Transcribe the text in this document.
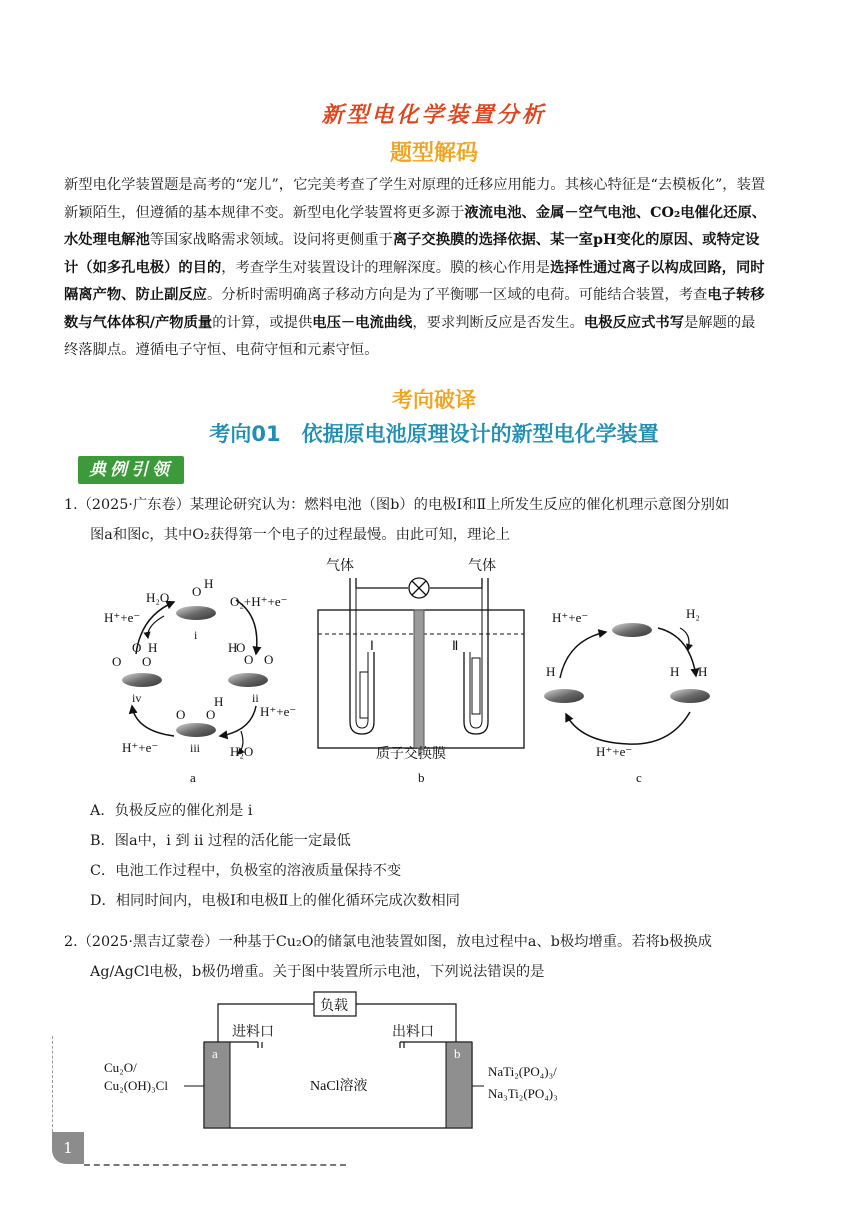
新型电化学装置分析
题型解码
新型电化学装置题是高考的“宠儿”，它完美考查了学生对原理的迁移应用能力。其核心特征是“去模板化”，装置
新颖陌生，但遵循的基本规律不变。新型电化学装置将更多源于液流电池、金属－空气电池、CO₂电催化还原、
水处理电解池等国家战略需求领域。设问将更侧重于离子交换膜的选择依据、某一室pH变化的原因、或特定设
计（如多孔电极）的目的，考查学生对装置设计的理解深度。膜的核心作用是选择性通过离子以构成回路，同时
隔离产物、防止副反应。分析时需明确离子移动方向是为了平衡哪一区域的电荷。可能结合装置，考查电子转移
数与气体体积/产物质量的计算，或提供电压－电流曲线，要求判断反应是否发生。电极反应式书写是解题的最
终落脚点。遵循电子守恒、电荷守恒和元素守恒。
考向破译
考向01　依据原电池原理设计的新型电化学装置
典例引领
1.（2025·广东卷）某理论研究认为：燃料电池（图b）的电极Ⅰ和Ⅱ上所发生反应的催化机理示意图分别如
图a和图c，其中O₂获得第一个电子的过程最慢。由此可知，理论上
H₂O O
H
H⁺+e⁻
O₂+H⁺+e⁻
i
O O
H	H
O O
O
O
iv	ii
O O
H
H⁺+e⁻
iii
H⁺+e⁻	H₂O
a
气体	气体
Ⅰ	Ⅱ
质子交换膜
b
H⁺+e⁻	H₂
H	H H
H⁺+e⁻
c
A．负极反应的催化剂是 i
B．图a中，i 到 ii 过程的活化能一定最低
C．电池工作过程中，负极室的溶液质量保持不变
D．相同时间内，电极Ⅰ和电极Ⅱ上的催化循环完成次数相同
2.（2025·黑吉辽蒙卷）一种基于Cu₂O的储氯电池装置如图，放电过程中a、b极均增重。若将b极换成
Ag/AgCl电极，b极仍增重。关于图中装置所示电池，下列说法错误的是
负载
进料口	出料口
a	b
NaCl溶液
Cu₂O/
Cu₂(OH)₃Cl
NaTi₂(PO₄)₃/
Na₃Ti₂(PO₄)₃
1
